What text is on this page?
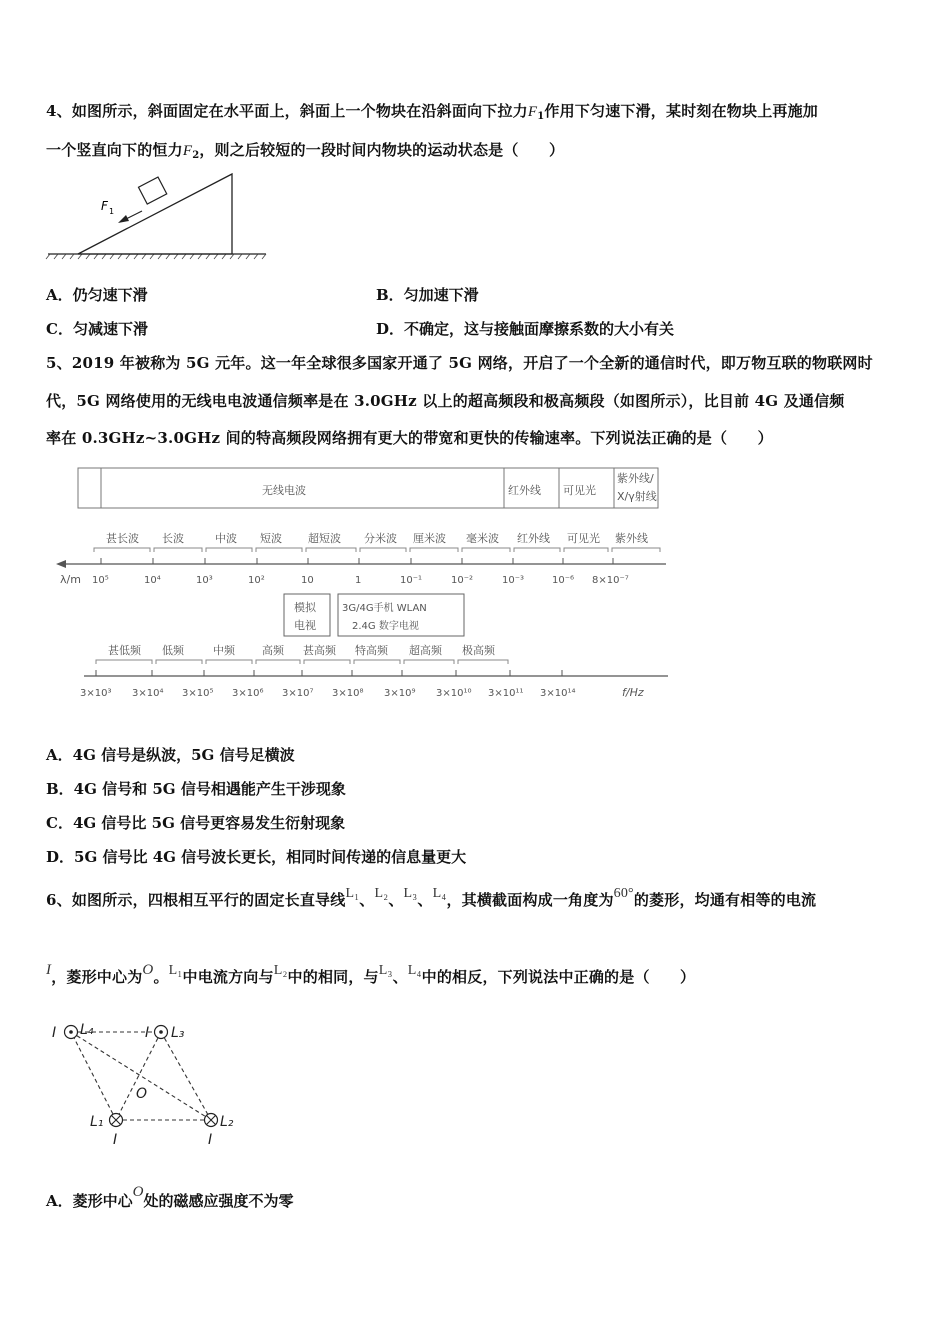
4、如图所示，斜面固定在水平面上，斜面上一个物块在沿斜面向下拉力$F_1$作用下匀速下滑，某时刻在物块上再施加
一个竖直向下的恒力$F_2$，则之后较短的一段时间内物块的运动状态是（　　）
F 1
A．仍匀速下滑	B．匀加速下滑
C．匀减速下滑	D．不确定，这与接触面摩擦系数的大小有关
5、2019 年被称为 5G 元年。这一年全球很多国家开通了 5G 网络，开启了一个全新的通信时代，即万物互联的物联网时
代，5G 网络使用的无线电电波通信频率是在 3.0GHz 以上的超高频段和极高频段（如图所示），比目前 4G 及通信频
率在 0.3GHz~3.0GHz 间的特高频段网络拥有更大的带宽和更快的传输速率。下列说法正确的是（　　）
无线电波	红外线 可见光
紫外线/
X/γ射线
甚长波 长波	中波 短波 超短波 分米波 厘米波 毫米波 红外线 可见光 紫外线
λ/m 10⁵	10⁴	10³	10²	10	1	10⁻¹	10⁻²	10⁻³	10⁻⁶ 8×10⁻⁷
模拟
电视
3G/4G手机 WLAN
2.4G 数字电视
甚低频 低频	中频 高频 甚高频 特高频 超高频 极高频
3×10³ 3×10⁴ 3×10⁵ 3×10⁶ 3×10⁷ 3×10⁸ 3×10⁹ 3×10¹⁰ 3×10¹¹ 3×10¹⁴	f/Hz
A．4G 信号是纵波，5G 信号足横波
B．4G 信号和 5G 信号相遇能产生干涉现象
C．4G 信号比 5G 信号更容易发生衍射现象
D．5G 信号比 4G 信号波长更长，相同时间传递的信息量更大
6、如图所示，四根相互平行的固定长直导线L₁、L₂、L₃、L₄，其横截面构成一角度为60°的菱形，均通有相等的电流
I，菱形中心为O。L₁中电流方向与L₂中的相同，与L₃、L₄中的相反，下列说法中正确的是（　　）
I L₄	I L₃
L₁
I
L₂
I
O
A．菱形中心O处的磁感应强度不为零
